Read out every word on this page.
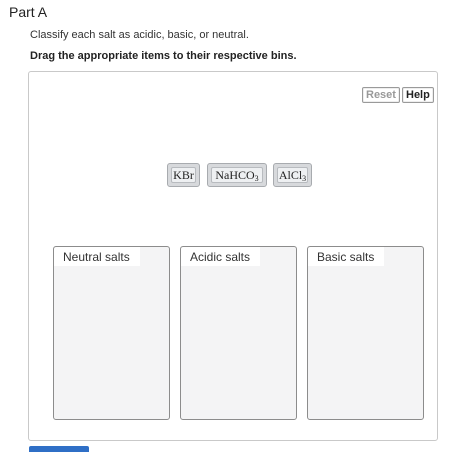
Part A
Classify each salt as acidic, basic, or neutral.
Drag the appropriate items to their respective bins.
Reset Help
KBr	NaHCO$_3$	AlCl$_3$
Neutral salts	Acidic salts	Basic salts
